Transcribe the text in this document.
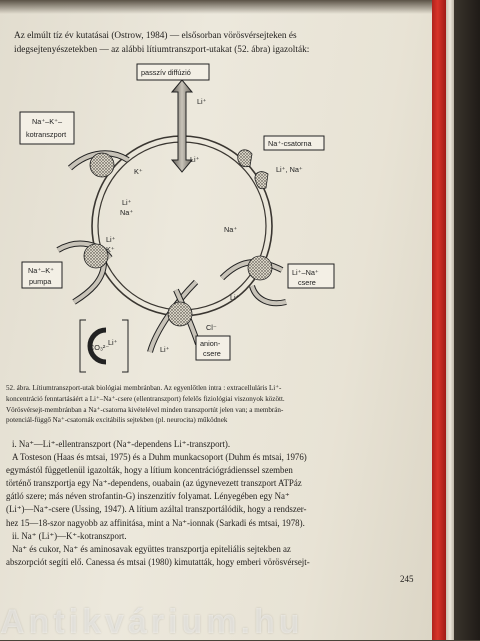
Az elmúlt tíz év kutatásai (Ostrow, 1984) — elsősorban vörösvérsejteken és
idegsejtenyészetekben — az alábbi lítiumtranszport-utakat (52. ábra) igazolták:
passzív diffúzió
Li⁺
Li⁺
Na⁺–K⁺–
kotranszport
K⁺
Li⁺
Na⁺
Na⁺-csatorna
Li⁺, Na⁺
Na⁺–K⁺
pumpa
Li⁺
K⁺
Na⁺
Li⁺–Na⁺
csere
Li⁺
anion-
csere
Cl⁻
Li⁺
CO₃²⁻
Li⁺
52. ábra. Lítiumtranszport-utak biológiai membránban. Az egyenlőtlen intra : extracelluláris Li⁺-
koncentráció fenntartásáért a Li⁺–Na⁺-csere (ellentranszport) felelős fiziológiai viszonyok között.
Vörösvérsejt-membránban a Na⁺-csatorna kivételével minden transzportút jelen van; a membrán-
potenciál-függő Na⁺-csatornák excitábilis sejtekben (pl. neurocita) működnek
i. Na⁺—Li⁺-ellentranszport (Na⁺-dependens Li⁺-transzport).
A Tosteson (Haas és mtsai, 1975) és a Duhm munkacsoport (Duhm és mtsai, 1976)
egymástól függetlenül igazolták, hogy a lítium koncentrációgrádienssel szemben
történő transzportja egy Na⁺-dependens, ouabain (az úgynevezett transzport ATPáz
gátló szere; más néven strofantin-G) inszenzitív folyamat. Lényegében egy Na⁺
(Li⁺)—Na⁺-csere (Ussing, 1947). A lítium azáltal transzportálódik, hogy a rendszer-
hez 15—18-szor nagyobb az affinitása, mint a Na⁺-ionnak (Sarkadi és mtsai, 1978).
ii. Na⁺ (Li⁺)—K⁺-kotranszport.
Na⁺ és cukor, Na⁺ és aminosavak együttes transzportja epiteliális sejtekben az
abszorpciót segíti elő. Canessa és mtsai (1980) kimutatták, hogy emberi vörösvérsejt-
245
Antikvárium.hu
